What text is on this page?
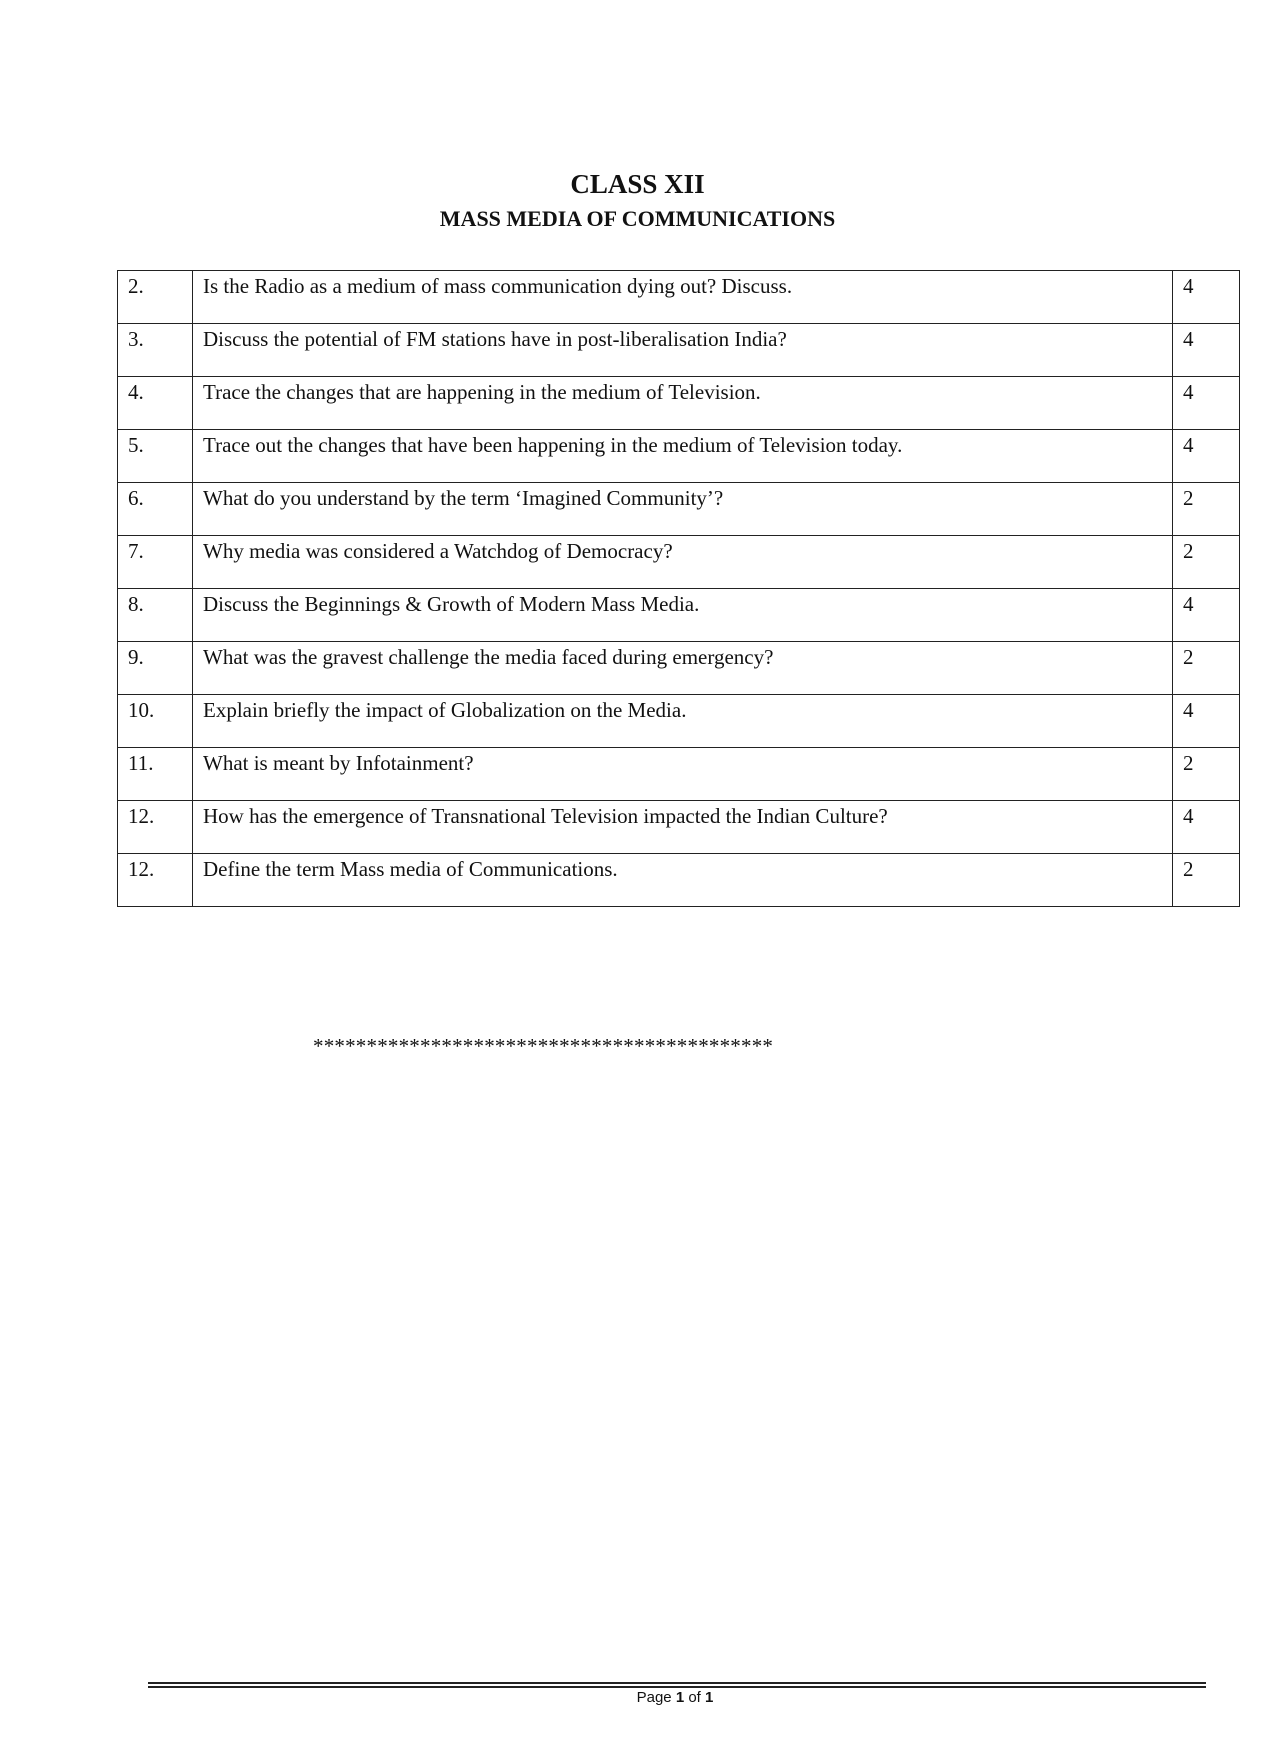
CLASS XII
MASS MEDIA OF COMMUNICATIONS
2.	Is the Radio as a medium of mass communication dying out? Discuss.	4
3.	Discuss the potential of FM stations have in post-liberalisation India?	4
4.	Trace the changes that are happening in the medium of Television.	4
5.	Trace out the changes that have been happening in the medium of Television today.	4
6.	What do you understand by the term ‘Imagined Community’?	2
7.	Why media was considered a Watchdog of Democracy?	2
8.	Discuss the Beginnings & Growth of Modern Mass Media.	4
9.	What was the gravest challenge the media faced during emergency?	2
10.	Explain briefly the impact of Globalization on the Media.	4
11.	What is meant by Infotainment?	2
12.	How has the emergence of Transnational Television impacted the Indian Culture?	4
12.	Define the term Mass media of Communications.	2
*******************************************
Page 1 of 1
